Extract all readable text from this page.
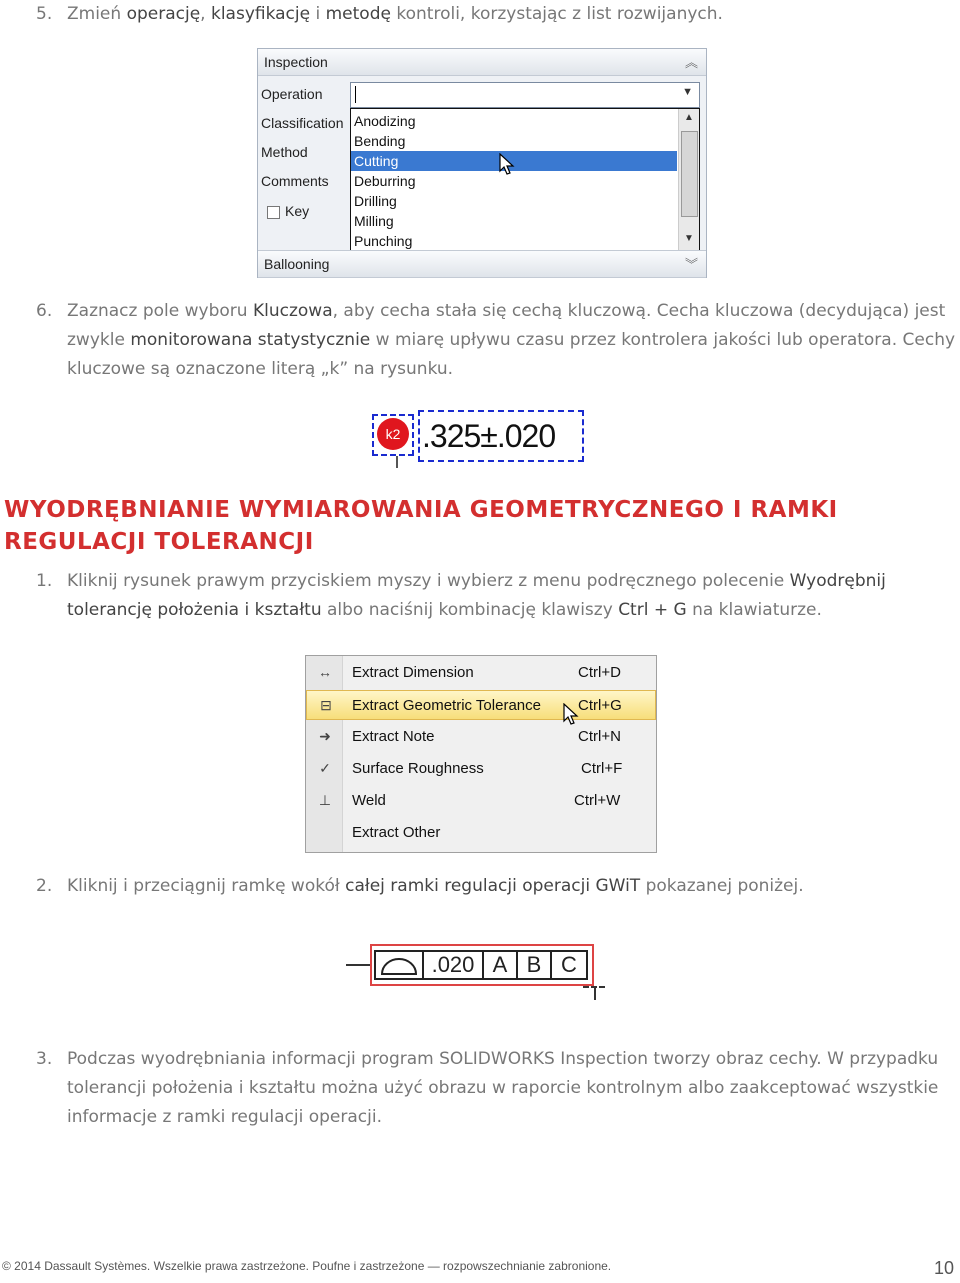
5. Zmień operację, klasyfikację i metodę kontroli, korzystając z list rozwijanych.
Inspection	︽
Operation
Classification
Method
Comments
Key
▼
Anodizing
Bending
Cutting
Deburring
Drilling
Milling
Punching
▲
▼
Ballooning	︾
6. Zaznacz pole wyboru Kluczowa, aby cecha stała się cechą kluczową. Cecha kluczowa (decydująca) jest zwykle monitorowana statystycznie w miarę upływu czasu przez kontrolera jakości lub operatora. Cechy kluczowe są oznaczone literą „k” na rysunku.
k2 .325±.020
WYODRĘBNIANIE WYMIAROWANIA GEOMETRYCZNEGO I RAMKI REGULACJI TOLERANCJI
1. Kliknij rysunek prawym przyciskiem myszy i wybierz z menu podręcznego polecenie Wyodrębnij tolerancję położenia i kształtu albo naciśnij kombinację klawiszy Ctrl + G na klawiaturze.
↔ Extract Dimension	Ctrl+D
⊟	Extract Geometric Tolerance Ctrl+G
➜	Extract Note	Ctrl+N
✓	Surface Roughness	Ctrl+F
⊥	Weld	Ctrl+W
Extract Other
2. Kliknij i przeciągnij ramkę wokół całej ramki regulacji operacji GWiT pokazanej poniżej.
.020 A B C
3. Podczas wyodrębniania informacji program SOLIDWORKS Inspection tworzy obraz cechy. W przypadku tolerancji położenia i kształtu można użyć obrazu w raporcie kontrolnym albo zaakceptować wszystkie informacje z ramki regulacji operacji.
© 2014 Dassault Systèmes. Wszelkie prawa zastrzeżone. Poufne i zastrzeżone — rozpowszechnianie zabronione.	10
